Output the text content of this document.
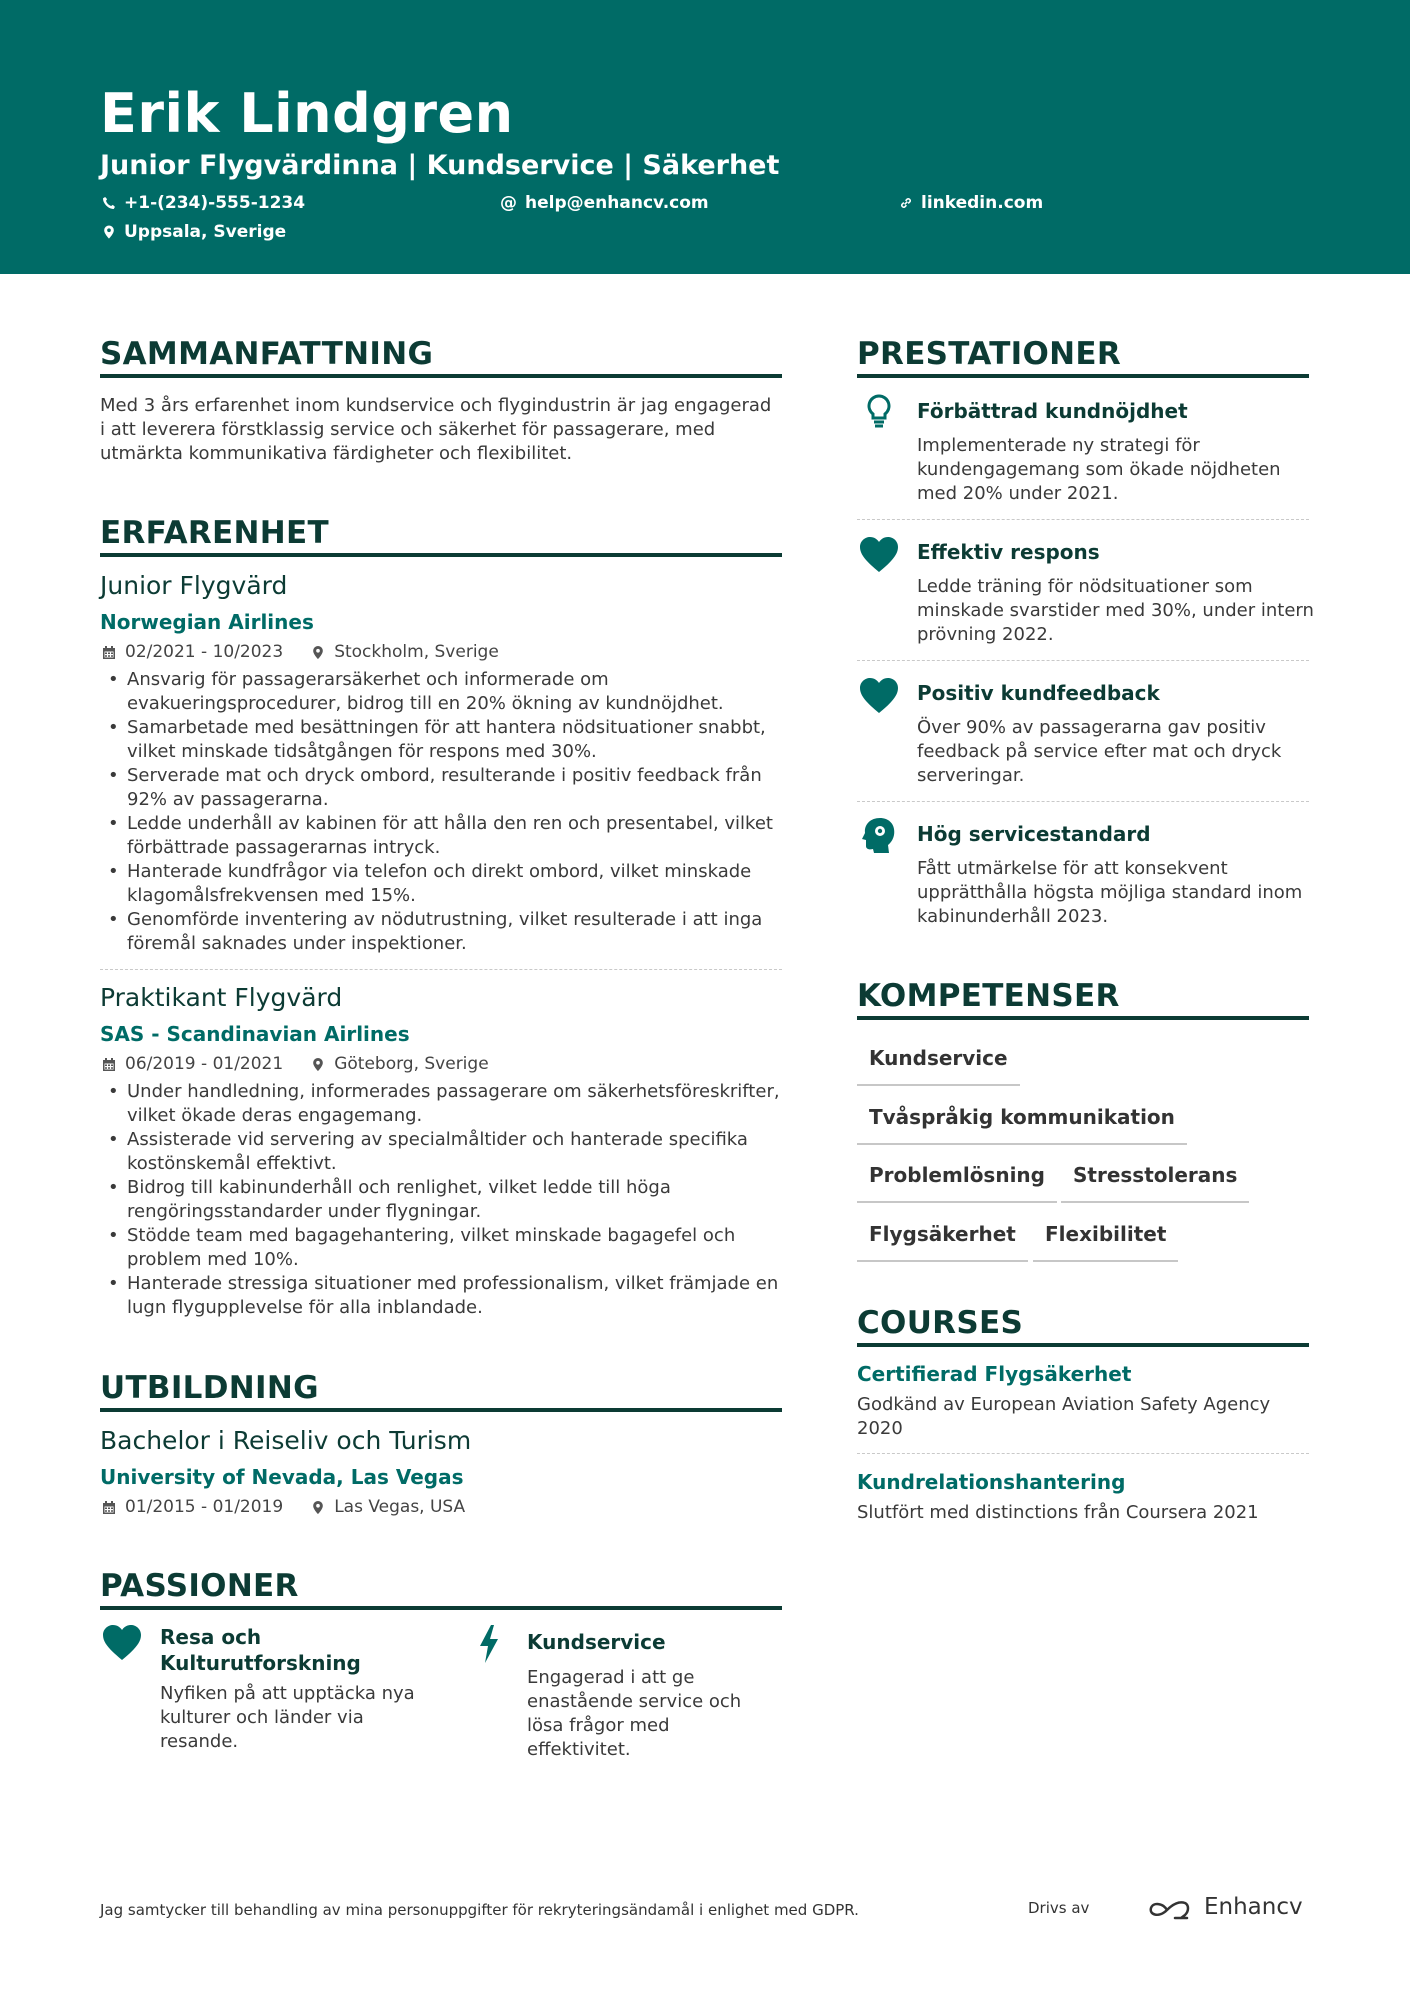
Erik Lindgren
Junior Flygvärdinna | Kundservice | Säkerhet
+1-(234)-555-1234	@ help@enhancv.com	linkedin.com
Uppsala, Sverige
SAMMANFATTNING
Med 3 års erfarenhet inom kundservice och flygindustrin är jag engagerad i att leverera förstklassig service och säkerhet för passagerare, med utmärkta kommunikativa färdigheter och flexibilitet.
ERFARENHET
Junior Flygvärd
Norwegian Airlines
02/2021 - 10/2023	Stockholm, Sverige
• Ansvarig för passagerarsäkerhet och informerade om evakueringsprocedurer, bidrog till en 20% ökning av kundnöjdhet.
• Samarbetade med besättningen för att hantera nödsituationer snabbt, vilket minskade tidsåtgången för respons med 30%.
• Serverade mat och dryck ombord, resulterande i positiv feedback från 92% av passagerarna.
• Ledde underhåll av kabinen för att hålla den ren och presentabel, vilket förbättrade passagerarnas intryck.
• Hanterade kundfrågor via telefon och direkt ombord, vilket minskade klagomålsfrekvensen med 15%.
• Genomförde inventering av nödutrustning, vilket resulterade i att inga föremål saknades under inspektioner.
Praktikant Flygvärd
SAS - Scandinavian Airlines
06/2019 - 01/2021	Göteborg, Sverige
• Under handledning, informerades passagerare om säkerhetsföreskrifter, vilket ökade deras engagemang.
• Assisterade vid servering av specialmåltider och hanterade specifika kostönskemål effektivt.
• Bidrog till kabinunderhåll och renlighet, vilket ledde till höga rengöringsstandarder under flygningar.
• Stödde team med bagagehantering, vilket minskade bagagefel och problem med 10%.
• Hanterade stressiga situationer med professionalism, vilket främjade en lugn flygupplevelse för alla inblandade.
UTBILDNING
Bachelor i Reiseliv och Turism
University of Nevada, Las Vegas
01/2015 - 01/2019	Las Vegas, USA
PASSIONER
Resa och Kulturutforskning
Nyfiken på att upptäcka nya kulturer och länder via resande.
Kundservice
Engagerad i att ge enastående service och lösa frågor med effektivitet.
PRESTATIONER
Förbättrad kundnöjdhet
Implementerade ny strategi för kundengagemang som ökade nöjdheten med 20% under 2021.
Effektiv respons
Ledde träning för nödsituationer som minskade svarstider med 30%, under intern prövning 2022.
Positiv kundfeedback
Över 90% av passagerarna gav positiv feedback på service efter mat och dryck serveringar.
Hög servicestandard
Fått utmärkelse för att konsekvent upprätthålla högsta möjliga standard inom kabinunderhåll 2023.
KOMPETENSER
Kundservice
Tvåspråkig kommunikation
Problemlösning	Stresstolerans
Flygsäkerhet	Flexibilitet
COURSES
Certifierad Flygsäkerhet
Godkänd av European Aviation Safety Agency 2020
Kundrelationshantering
Slutfört med distinctions från Coursera 2021
Jag samtycker till behandling av mina personuppgifter för rekryteringsändamål i enlighet med GDPR.	Drivs av	Enhancv
